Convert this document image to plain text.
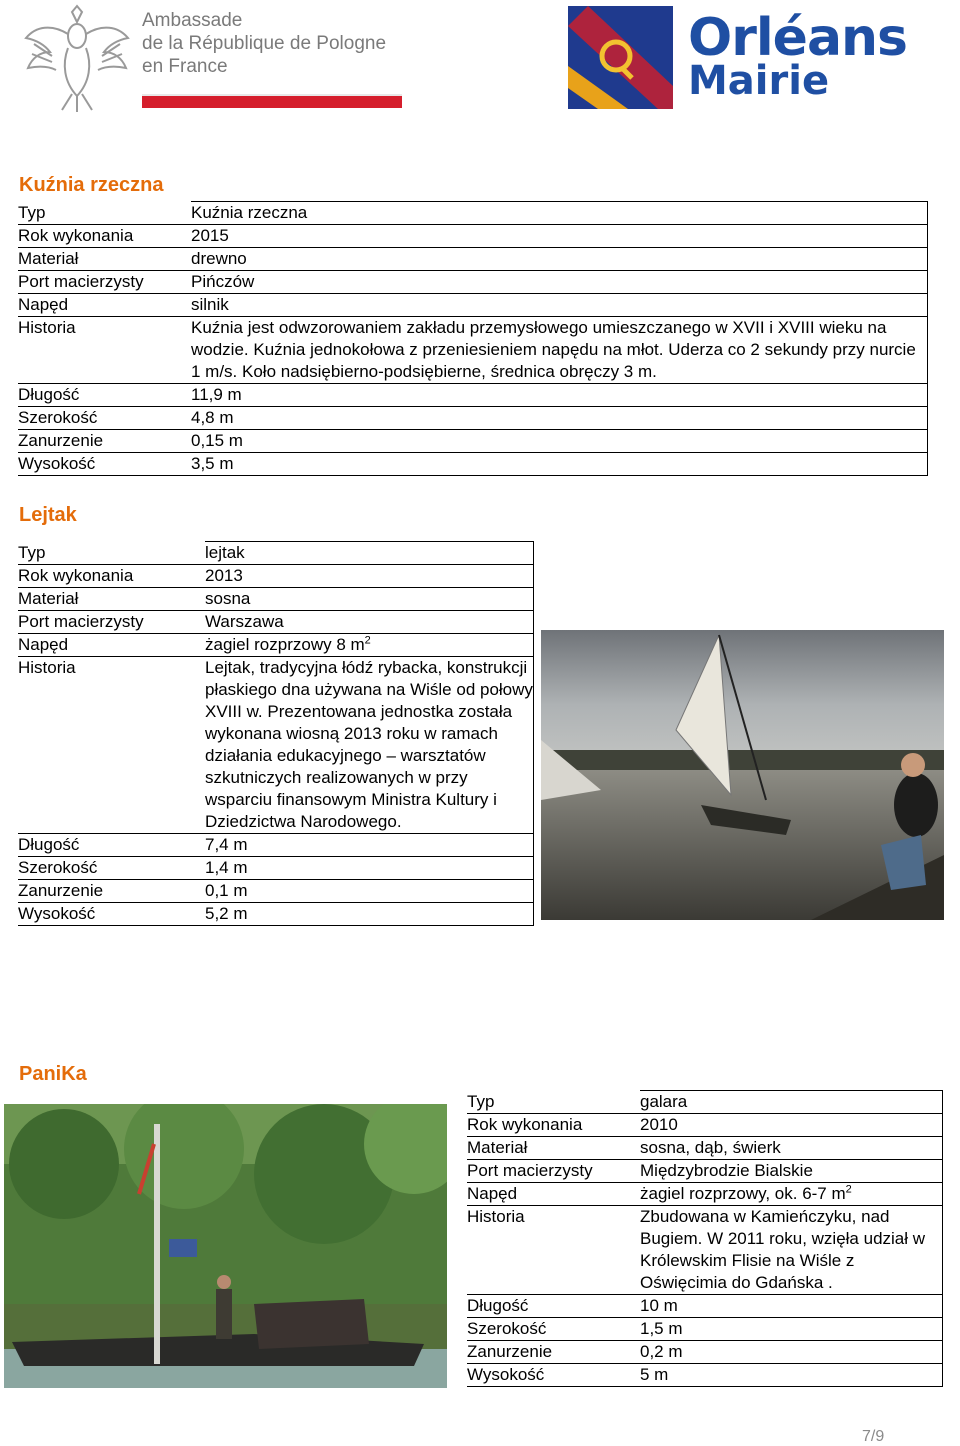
Ambassade
de la République de Pologne
en France	Orléans
Mairie
Kuźnia rzeczna
Typ	Kuźnia rzeczna
Rok wykonania	2015
Materiał	drewno
Port macierzysty	Pińczów
Napęd	silnik
Historia	Kuźnia jest odwzorowaniem zakładu przemysłowego umieszczanego w XVII i XVIII wieku na wodzie. Kuźnia jednokołowa z przeniesieniem napędu na młot. Uderza co 2 sekundy przy nurcie 1 m/s. Koło nadsiębierno-podsiębierne, średnica obręczy 3 m.
Długość	11,9 m
Szerokość	4,8 m
Zanurzenie	0,15 m
Wysokość	3,5 m
Lejtak
Typ	lejtak
Rok wykonania	2013
Materiał	sosna
Port macierzysty	Warszawa
Napęd	żagiel rozprzowy 8 $m^2$
Historia	Lejtak, tradycyjna łódź rybacka, konstrukcji płaskiego dna używana na Wiśle od połowy XVIII w. Prezentowana jednostka została wykonana wiosną 2013 roku w ramach działania edukacyjnego – warsztatów szkutniczych realizowanych w przy wsparciu finansowym Ministra Kultury i Dziedzictwa Narodowego.
Długość	7,4 m
Szerokość	1,4 m
Zanurzenie	0,1 m
Wysokość	5,2 m
PaniKa
Typ	galara
Rok wykonania	2010
Materiał	sosna, dąb, świerk
Port macierzysty	Międzybrodzie Bialskie
Napęd	żagiel rozprzowy, ok. 6-7 $m^2$
Historia	Zbudowana w Kamieńczyku, nad Bugiem. W 2011 roku, wzięła udział w Królewskim Flisie na Wiśle z Oświęcimia do Gdańska .
Długość	10 m
Szerokość	1,5 m
Zanurzenie	0,2 m
Wysokość	5 m
7/9
